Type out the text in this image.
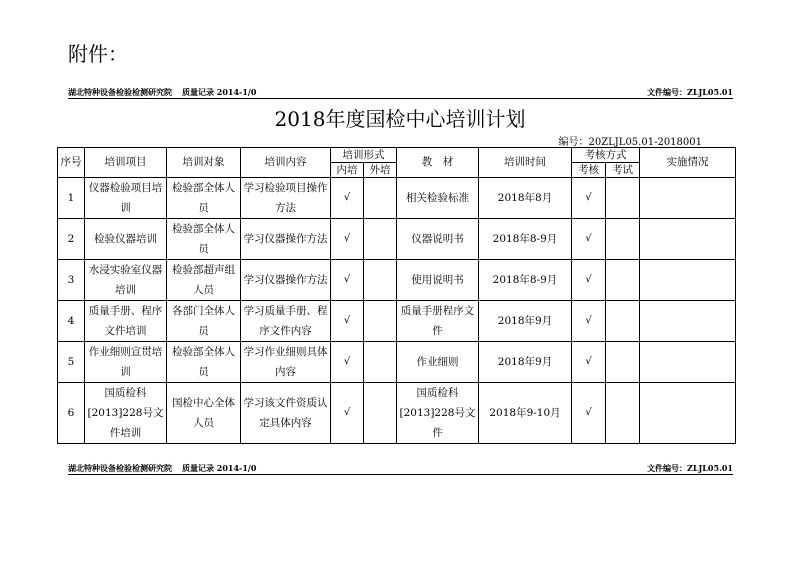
附件：
湖北特种设备检验检测研究院 质量记录 2014-1/0	文件编号：ZLJL05.01
2018年度国检中心培训计划
编号：20ZLJL05.01-2018001
序号	培训项目	培训对象	培训内容	培训形式		教　材	培训时间	考核方式		实施情况
				内培	外培			考核	考试	
1	仪器检验项目培训	检验部全体人员	学习检验项目操作方法	√		相关检验标准	2018年8月	√		
2	检验仪器培训	检验部全体人员	学习仪器操作方法	√		仪器说明书	2018年8-9月	√		
3	水浸实验室仪器培训	检验部超声组人员	学习仪器操作方法	√		使用说明书	2018年8-9月	√		
4	质量手册、程序文件培训	各部门全体人员	学习质量手册、程序文件内容	√		质量手册程序文件	2018年9月	√		
5	作业细则宣贯培训	检验部全体人员	学习作业细则具体内容	√		作业细则	2018年9月	√		
6	国质检科[2013]228号文件培训	国检中心全体人员	学习该文件资质认定具体内容	√		国质检科[2013]228号文件	2018年9-10月	√		
湖北特种设备检验检测研究院 质量记录 2014-1/0	文件编号：ZLJL05.01
